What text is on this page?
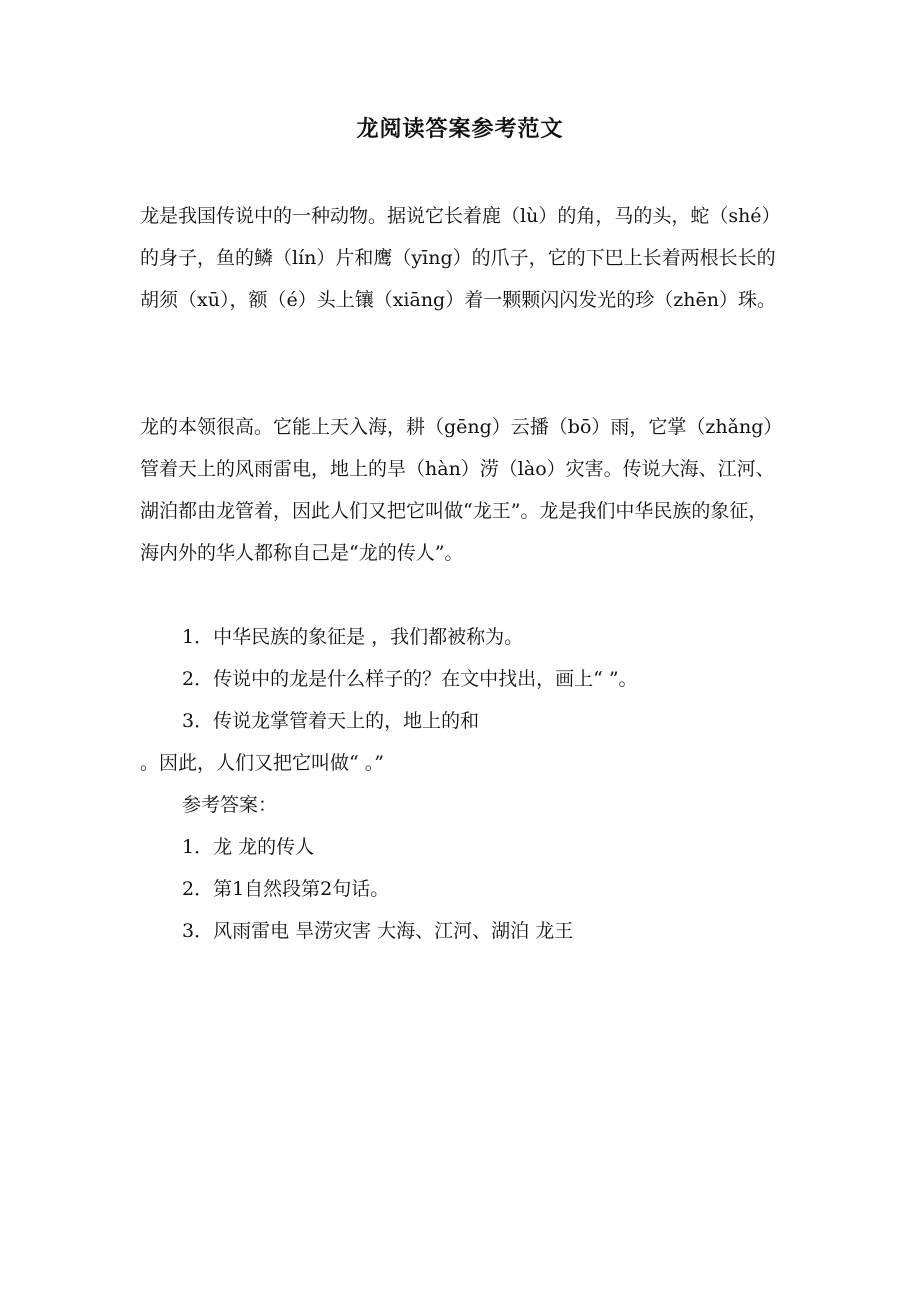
龙阅读答案参考范文
龙是我国传说中的一种动物。据说它长着鹿（lù）的角，马的头，蛇（shé）的身子，鱼的鳞（lín）片和鹰（yīng）的爪子，它的下巴上长着两根长长的胡须（xū），额（é）头上镶（xiāng）着一颗颗闪闪发光的珍（zhēn）珠。
龙的本领很高。它能上天入海，耕（gēng）云播（bō）雨，它掌（zhǎng）管着天上的风雨雷电，地上的旱（hàn）涝（lào）灾害。传说大海、江河、湖泊都由龙管着，因此人们又把它叫做“龙王”。龙是我们中华民族的象征，海内外的华人都称自己是“龙的传人”。
1．中华民族的象征是 ，我们都被称为。
2．传说中的龙是什么样子的？在文中找出，画上“ ”。
3．传说龙掌管着天上的，地上的和
。因此，人们又把它叫做“ 。”
参考答案：
1．龙 龙的传人
2．第1自然段第2句话。
3．风雨雷电 旱涝灾害 大海、江河、湖泊 龙王
